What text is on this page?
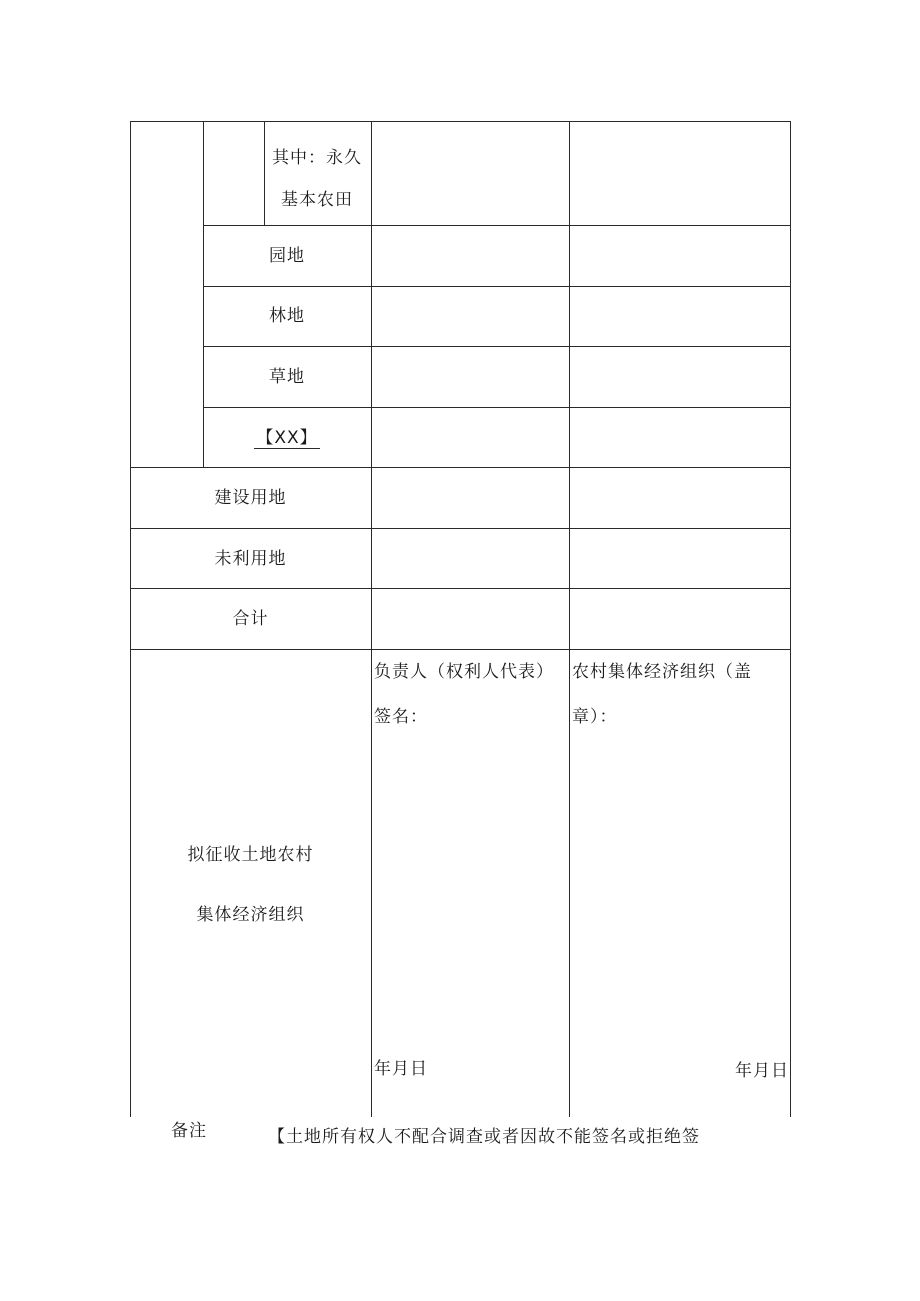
其中：永久
基本农田
园地
林地
草地
【XX】
建设用地
未利用地
合计
拟征收土地农村
集体经济组织
负责人（权利人代表）
签名：
农村集体经济组织（盖
章）：
年月日	年月日
备注	【土地所有权人不配合调查或者因故不能签名或拒绝签
